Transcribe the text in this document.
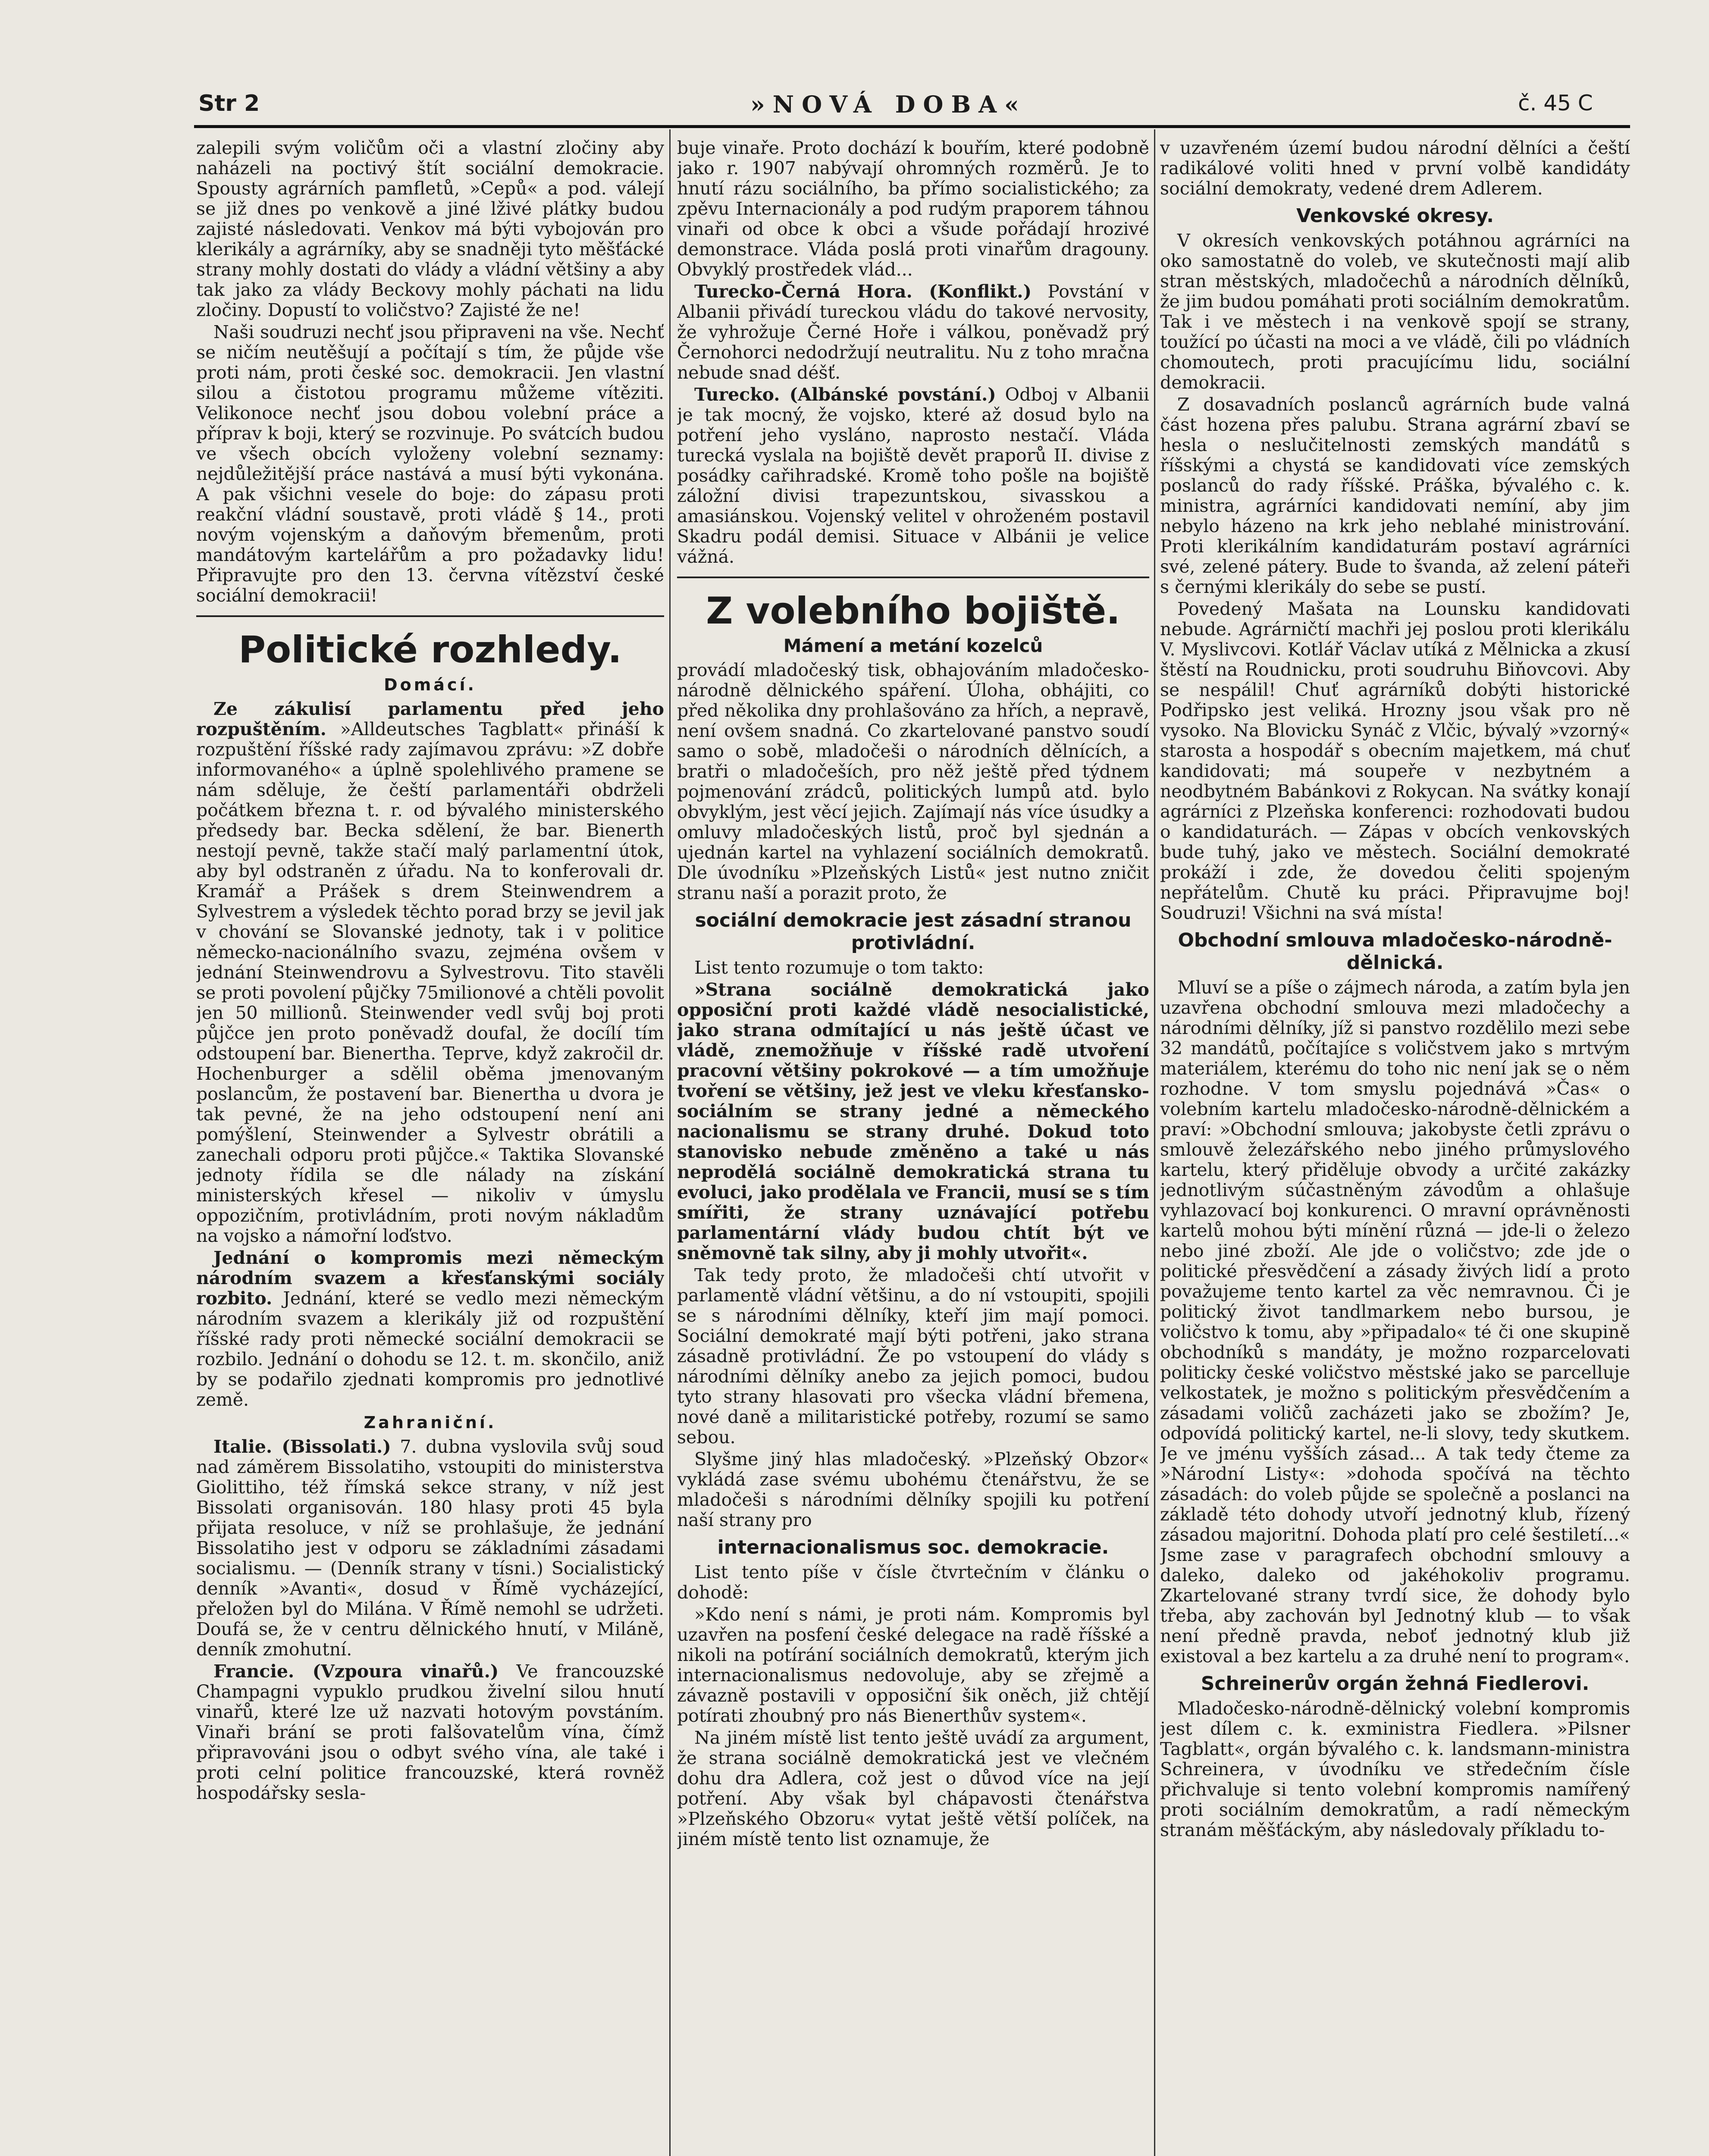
Str 2	»NOVÁ DOBA«	č. 45 C

zalepili svým voličům oči a vlastní zločiny aby naházeli na poctivý štít sociální demokracie. Spousty agrárních pamfletů, »Cepů« a pod. válejí se již dnes po venkově a jiné lživé plátky budou zajisté následovati. Venkov má býti vybojován pro klerikály a agrárníky, aby se snadněji tyto měšťácké strany mohly dostati do vlády a vládní většiny a aby tak jako za vlády Beckovy mohly páchati na lidu zločiny. Dopustí to voličstvo? Zajisté že ne!

Naši soudruzi nechť jsou připraveni na vše. Nechť se ničím neutěšují a počítají s tím, že půjde vše proti nám, proti české soc. demokracii. Jen vlastní silou a čistotou programu můžeme vítěziti. Velikonoce nechť jsou dobou volební práce a příprav k boji, který se rozvinuje. Po svátcích budou ve všech obcích vyloženy volební seznamy: nejdůležitější práce nastává a musí býti vykonána. A pak všichni vesele do boje: do zápasu proti reakční vládní soustavě, proti vládě § 14., proti novým vojenským a daňovým břemenům, proti mandátovým kartelářům a pro požadavky lidu! Připravujte pro den 13. června vítězství české sociální demokracii!

Politické rozhledy.
Domácí.

Ze zákulisí parlamentu před jeho rozpuštěním. »Alldeutsches Tagblatt« přináší k rozpuštění říšské rady zajímavou zprávu: »Z dobře informovaného« a úplně spolehlivého pramene se nám sděluje, že čeští parlamentáři obdrželi počátkem března t. r. od bývalého ministerského předsedy bar. Becka sdělení, že bar. Bienerth nestojí pevně, takže stačí malý parlamentní útok, aby byl odstraněn z úřadu. Na to konferovali dr. Kramář a Prášek s drem Steinwendrem a Sylvestrem a výsledek těchto porad brzy se jevil jak v chování se Slovanské jednoty, tak i v politice německo-nacionálního svazu, zejména ovšem v jednání Steinwendrovu a Sylvestrovu. Tito stavěli se proti povolení půjčky 75milionové a chtěli povolit jen 50 millionů. Steinwender vedl svůj boj proti půjčce jen proto poněvadž doufal, že docílí tím odstoupení bar. Bienertha. Teprve, když zakročil dr. Hochenburger a sdělil oběma jmenovaným poslancům, že postavení bar. Bienertha u dvora je tak pevné, že na jeho odstoupení není ani pomýšlení, Steinwender a Sylvestr obrátili a zanechali odporu proti půjčce.« Taktika Slovanské jednoty řídila se dle nálady na získání ministerských křesel — nikoliv v úmyslu oppozičním, protivládním, proti novým nákladům na vojsko a námořní loďstvo.

Jednání o kompromis mezi německým národním svazem a křesťanskými sociály rozbito. Jednání, které se vedlo mezi německým národním svazem a klerikály již od rozpuštění říšské rady proti německé sociální demokracii se rozbilo. Jednání o dohodu se 12. t. m. skončilo, aniž by se podařilo zjednati kompromis pro jednotlivé země.

Zahraniční.

Italie. (Bissolati.) 7. dubna vyslovila svůj soud nad záměrem Bissolatiho, vstoupiti do ministerstva Giolittiho, též římská sekce strany, v níž jest Bissolati organisován. 180 hlasy proti 45 byla přijata resoluce, v níž se prohlašuje, že jednání Bissolatiho jest v odporu se základními zásadami socialismu. — (Denník strany v tísni.) Socialistický denník »Avanti«, dosud v Římě vycházející, přeložen byl do Milána. V Římě nemohl se udržeti. Doufá se, že v centru dělnického hnutí, v Miláně, denník zmohutní.

Francie. (Vzpoura vinařů.) Ve francouzské Champagni vypuklo prudkou živelní silou hnutí vinařů, které lze už nazvati hotovým povstáním. Vinaři brání se proti falšovatelům vína, čímž připravováni jsou o odbyt svého vína, ale také i proti celní politice francouzské, která rovněž hospodářsky sesla-

buje vinaře. Proto dochází k bouřím, které podobně jako r. 1907 nabývají ohromných rozměrů. Je to hnutí rázu sociálního, ba přímo socialistického; za zpěvu Internacionály a pod rudým praporem táhnou vinaři od obce k obci a všude pořádají hrozivé demonstrace. Vláda poslá proti vinařům dragouny. Obvyklý prostředek vlád...

Turecko-Černá Hora. (Konflikt.) Povstání v Albanii přivádí tureckou vládu do takové nervosity, že vyhrožuje Černé Hoře i válkou, poněvadž prý Černohorci nedodržují neutralitu. Nu z toho mračna nebude snad déšť.

Turecko. (Albánské povstání.) Odboj v Albanii je tak mocný, že vojsko, které až dosud bylo na potření jeho vysláno, naprosto nestačí. Vláda turecká vyslala na bojiště devět praporů II. divise z posádky cařihradské. Kromě toho pošle na bojiště záložní divisi trapezuntskou, sivasskou a amasiánskou. Vojenský velitel v ohroženém postavil Skadru podál demisi. Situace v Albánii je velice vážná.

Z volebního bojiště.
Mámení a metání kozelců

provádí mladočeský tisk, obhajováním mladočesko-národně dělnického spáření. Úloha, obhájiti, co před několika dny prohlašováno za hřích, a nepravě, není ovšem snadná. Co zkartelované panstvo soudí samo o sobě, mladočeši o národních dělnících, a bratři o mladočeších, pro něž ještě před týdnem pojmenování zrádců, politických lumpů atd. bylo obvyklým, jest věcí jejich. Zajímají nás více úsudky a omluvy mladočeských listů, proč byl sjednán a ujednán kartel na vyhlazení sociálních demokratů. Dle úvodníku »Plzeňských Listů« jest nutno zničit stranu naší a porazit proto, že

sociální demokracie jest zásadní stranou protivládní.

List tento rozumuje o tom takto:

»Strana sociálně demokratická jako opposiční proti každé vládě nesocialistické, jako strana odmítající u nás ještě účast ve vládě, znemožňuje v říšské radě utvoření pracovní většiny pokrokové — a tím umožňuje tvoření se většiny, jež jest ve vleku křesťansko-sociálním se strany jedné a německého nacionalismu se strany druhé. Dokud toto stanovisko nebude změněno a také u nás neprodělá sociálně demokratická strana tu evoluci, jako prodělala ve Francii, musí se s tím smířiti, že strany uznávající potřebu parlamentární vlády budou chtít být ve sněmovně tak silny, aby ji mohly utvořit«.

Tak tedy proto, že mladočeši chtí utvořit v parlamentě vládní většinu, a do ní vstoupiti, spojili se s národními dělníky, kteří jim mají pomoci. Sociální demokraté mají býti potřeni, jako strana zásadně protivládní. Že po vstoupení do vlády s národními dělníky anebo za jejich pomoci, budou tyto strany hlasovati pro všecka vládní břemena, nové daně a militaristické potřeby, rozumí se samo sebou.

Slyšme jiný hlas mladočeský. »Plzeňský Obzor« vykládá zase svému ubohému čtenářstvu, že se mladočeši s národními dělníky spojili ku potření naší strany pro

internacionalismus soc. demokracie.

List tento píše v čísle čtvrtečním v článku o dohodě:

»Kdo není s námi, je proti nám. Kompromis byl uzavřen na posfení české delegace na radě říšské a nikoli na potírání sociálních demokratů, kterým jich internacionalismus nedovoluje, aby se zřejmě a závazně postavili v opposiční šik oněch, již chtějí potírati zhoubný pro nás Bienerthův system«.

Na jiném místě list tento ještě uvádí za argument, že strana sociálně demokratická jest ve vlečném dohu dra Adlera, což jest o důvod více na její potření. Aby však byl chápavosti čtenářstva »Plzeňského Obzoru« vytat ještě větší políček, na jiném místě tento list oznamuje, že

v uzavřeném území budou národní dělníci a čeští radikálové voliti hned v první volbě kandidáty sociální demokraty, vedené drem Adlerem.

Venkovské okresy.

V okresích venkovských potáhnou agrárníci na oko samostatně do voleb, ve skutečnosti mají alib stran městských, mladočechů a národních dělníků, že jim budou pomáhati proti sociálním demokratům. Tak i ve městech i na venkově spojí se strany, toužící po účasti na moci a ve vládě, čili po vládních chomoutech, proti pracujícímu lidu, sociální demokracii.

Z dosavadních poslanců agrárních bude valná část hozena přes palubu. Strana agrární zbaví se hesla o neslučitelnosti zemských mandátů s říšskými a chystá se kandidovati více zemských poslanců do rady říšské. Práška, bývalého c. k. ministra, agrárníci kandidovati nemíní, aby jim nebylo házeno na krk jeho neblahé ministrování. Proti klerikálním kandidaturám postaví agrárníci své, zelené pátery. Bude to švanda, až zelení páteři s černými klerikály do sebe se pustí.

Povedený Mašata na Lounsku kandidovati nebude. Agrárničtí machři jej poslou proti klerikálu V. Myslivcovi. Kotlář Václav utíká z Mělnicka a zkusí štěstí na Roudnicku, proti soudruhu Biňovcovi. Aby se nespálil! Chuť agrárníků dobýti historické Podřipsko jest veliká. Hrozny jsou však pro ně vysoko. Na Blovicku Synáč z Vlčic, bývalý »vzorný« starosta a hospodář s obecním majetkem, má chuť kandidovati; má soupeře v nezbytném a neodbytném Babánkovi z Rokycan. Na svátky konají agrárníci z Plzeňska konferenci: rozhodovati budou o kandidaturách. — Zápas v obcích venkovských bude tuhý, jako ve městech. Sociální demokraté prokáží i zde, že dovedou čeliti spojeným nepřátelům. Chutě ku práci. Připravujme boj! Soudruzi! Všichni na svá místa!

Obchodní smlouva mladočesko-národně-dělnická.

Mluví se a píše o zájmech národa, a zatím byla jen uzavřena obchodní smlouva mezi mladočechy a národními dělníky, jíž si panstvo rozdělilo mezi sebe 32 mandátů, počítajíce s voličstvem jako s mrtvým materiálem, kterému do toho nic není jak se o něm rozhodne. V tom smyslu pojednává »Čas« o volebním kartelu mladočesko-národně-dělnickém a praví: »Obchodní smlouva; jakobyste četli zprávu o smlouvě železářského nebo jiného průmyslového kartelu, který přiděluje obvody a určité zakázky jednotlivým súčastněným závodům a ohlašuje vyhlazovací boj konkurenci. O mravní oprávněnosti kartelů mohou býti mínění různá — jde-li o železo nebo jiné zboží. Ale jde o voličstvo; zde jde o politické přesvědčení a zásady živých lidí a proto považujeme tento kartel za věc nemravnou. Či je politický život tandlmarkem nebo bursou, je voličstvo k tomu, aby »připadalo« té či one skupině obchodníků s mandáty, je možno rozparcelovati politicky české voličstvo městské jako se parcelluje velkostatek, je možno s politickým přesvědčením a zásadami voličů zacházeti jako se zbožím? Je, odpovídá politický kartel, ne-li slovy, tedy skutkem. Je ve jménu vyšších zásad... A tak tedy čteme za »Národní Listy«: »dohoda spočívá na těchto zásadách: do voleb půjde se společně a poslanci na základě této dohody utvoří jednotný klub, řízený zásadou majoritní. Dohoda platí pro celé šestiletí...« Jsme zase v paragrafech obchodní smlouvy a daleko, daleko od jakéhokoliv programu. Zkartelované strany tvrdí sice, že dohody bylo třeba, aby zachován byl Jednotný klub — to však není předně pravda, neboť jednotný klub již existoval a bez kartelu a za druhé není to program«.

Schreinerův orgán žehná Fiedlerovi.

Mladočesko-národně-dělnický volební kompromis jest dílem c. k. exministra Fiedlera. »Pilsner Tagblatt«, orgán bývalého c. k. landsmann-ministra Schreinera, v úvodníku ve středečním čísle přichvaluje si tento volební kompromis namířený proti sociálním demokratům, a radí německým stranám měšťáckým, aby následovaly příkladu to-
